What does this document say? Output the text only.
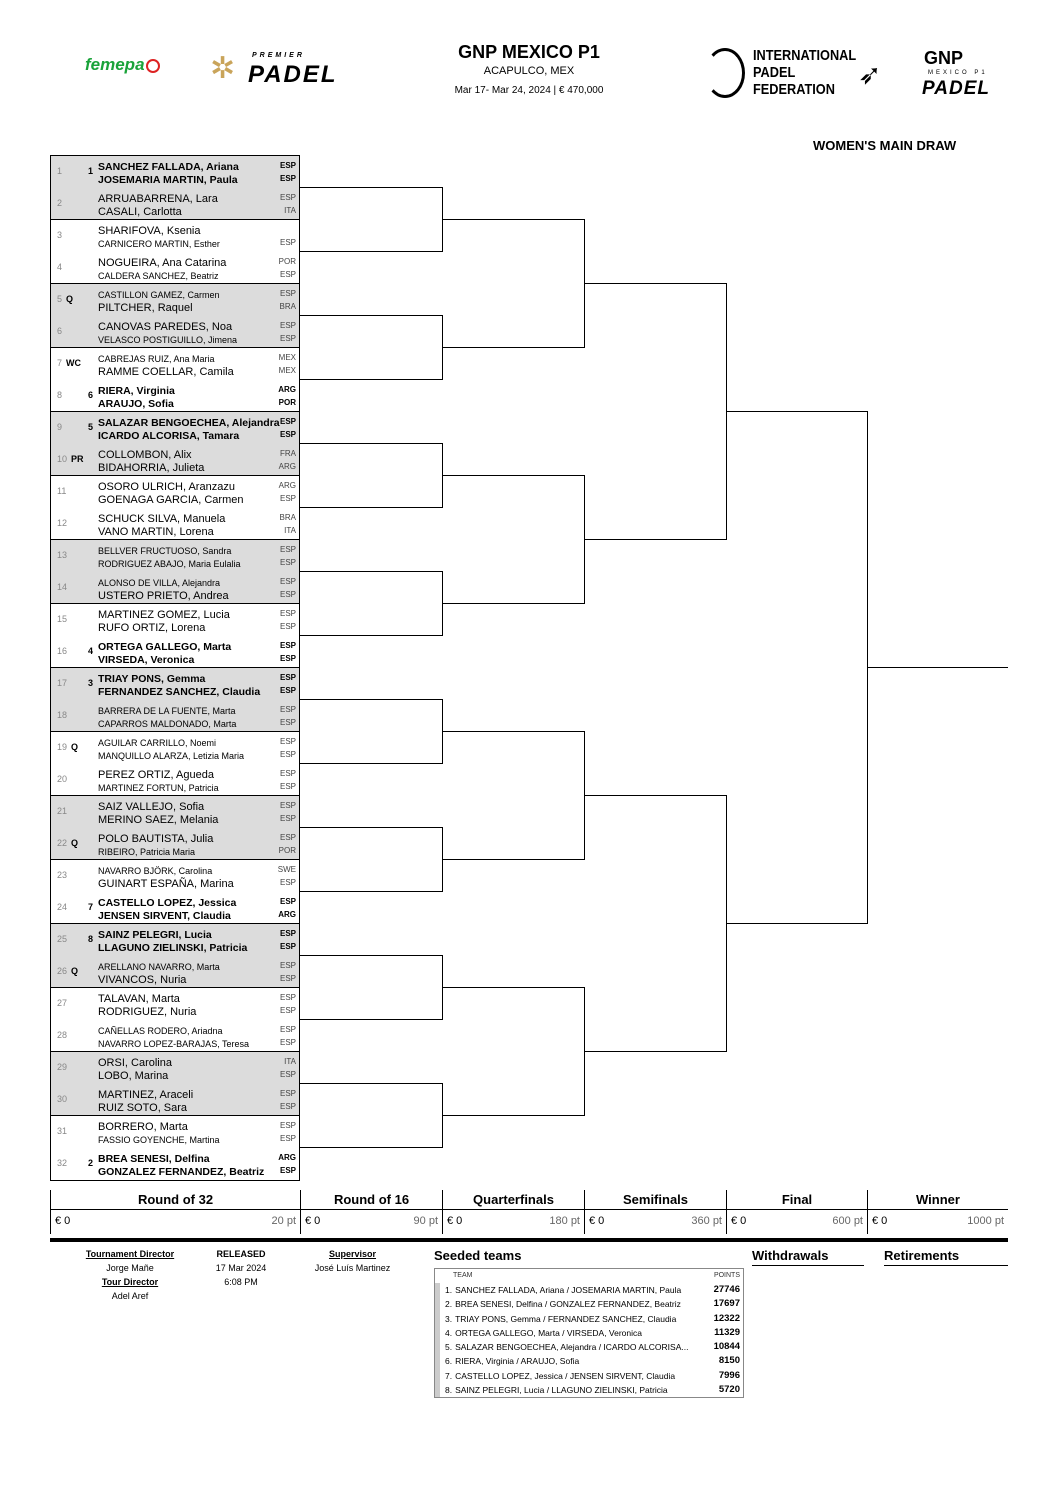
femepa	✲ PREMIER
PADEL
GNP MEXICO P1
ACAPULCO, MEX
Mar 17- Mar 24, 2024 | € 470,000
INTERNATIONAL
PADEL
FEDERATION ➶
GNP
MEXICO P1
PADEL
WOMEN'S MAIN DRAW
1	1 SANCHEZ FALLADA, Ariana	ESP
JOSEMARIA MARTIN, Paula	ESP
2	ARRUABARRENA, Lara	ESP
CASALI, Carlotta	ITA
3	SHARIFOVA, Ksenia
CARNICERO MARTIN, Esther	ESP
4	NOGUEIRA, Ana Catarina	POR
CALDERA SANCHEZ, Beatriz	ESP
5 Q	CASTILLON GAMEZ, Carmen	ESP
PILTCHER, Raquel	BRA
6	CANOVAS PAREDES, Noa	ESP
VELASCO POSTIGUILLO, Jimena	ESP
7 WC CABREJAS RUIZ, Ana Maria	MEX
RAMME COELLAR, Camila	MEX
8	6 RIERA, Virginia	ARG
ARAUJO, Sofia	POR
9	5 SALAZAR BENGOECHEA, Alejandra ESP
ICARDO ALCORISA, Tamara	ESP
10 PR COLLOMBON, Alix	FRA
BIDAHORRIA, Julieta	ARG
11	OSORO ULRICH, Aranzazu	ARG
GOENAGA GARCIA, Carmen	ESP
12	SCHUCK SILVA, Manuela	BRA
VANO MARTIN, Lorena	ITA
13	BELLVER FRUCTUOSO, Sandra	ESP
RODRIGUEZ ABAJO, Maria Eulalia	ESP
14	ALONSO DE VILLA, Alejandra	ESP
USTERO PRIETO, Andrea	ESP
15	MARTINEZ GOMEZ, Lucia	ESP
RUFO ORTIZ, Lorena	ESP
16 4 ORTEGA GALLEGO, Marta	ESP
VIRSEDA, Veronica	ESP
17 3 TRIAY PONS, Gemma	ESP
FERNANDEZ SANCHEZ, Claudia ESP
18	BARRERA DE LA FUENTE, Marta	ESP
CAPARROS MALDONADO, Marta	ESP
19 Q AGUILAR CARRILLO, Noemi	ESP
MANQUILLO ALARZA, Letizia Maria	ESP
20	PEREZ ORTIZ, Agueda	ESP
MARTINEZ FORTUN, Patricia	ESP
21	SAIZ VALLEJO, Sofia	ESP
MERINO SAEZ, Melania	ESP
22 Q POLO BAUTISTA, Julia	ESP
RIBEIRO, Patricia Maria	POR
23	NAVARRO BJÖRK, Carolina	SWE
GUINART ESPAÑA, Marina	ESP
24 7 CASTELLO LOPEZ, Jessica	ESP
JENSEN SIRVENT, Claudia	ARG
25 8 SAINZ PELEGRI, Lucia	ESP
LLAGUNO ZIELINSKI, Patricia	ESP
26 Q ARELLANO NAVARRO, Marta	ESP
VIVANCOS, Nuria	ESP
27	TALAVAN, Marta	ESP
RODRIGUEZ, Nuria	ESP
28	CAÑELLAS RODERO, Ariadna	ESP
NAVARRO LOPEZ-BARAJAS, Teresa	ESP
29	ORSI, Carolina	ITA
LOBO, Marina	ESP
30	MARTINEZ, Araceli	ESP
RUIZ SOTO, Sara	ESP
31	BORRERO, Marta	ESP
FASSIO GOYENCHE, Martina	ESP
32 2 BREA SENESI, Delfina	ARG
GONZALEZ FERNANDEZ, Beatriz ESP
Round of 32
€ 0	20 pt
Round of 16
€ 0	90 pt
Quarterfinals
€ 0	180 pt
Semifinals
€ 0	360 pt
Final
€ 0	600 pt
Winner
€ 0	1000 pt
Tournament Director
Jorge Mañe
Tour Director
Adel Aref
RELEASED
17 Mar 2024
6:08 PM
Supervisor
José Luís Martinez
Seeded teams
TEAM	POINTS
1. SANCHEZ FALLADA, Ariana / JOSEMARIA MARTIN, Paula	27746
2. BREA SENESI, Delfina / GONZALEZ FERNANDEZ, Beatriz	17697
3. TRIAY PONS, Gemma / FERNANDEZ SANCHEZ, Claudia	12322
4. ORTEGA GALLEGO, Marta / VIRSEDA, Veronica	11329
5. SALAZAR BENGOECHEA, Alejandra / ICARDO ALCORISA...	10844
6. RIERA, Virginia / ARAUJO, Sofia	8150
7. CASTELLO LOPEZ, Jessica / JENSEN SIRVENT, Claudia	7996
8. SAINZ PELEGRI, Lucia / LLAGUNO ZIELINSKI, Patricia	5720
Withdrawals	Retirements
